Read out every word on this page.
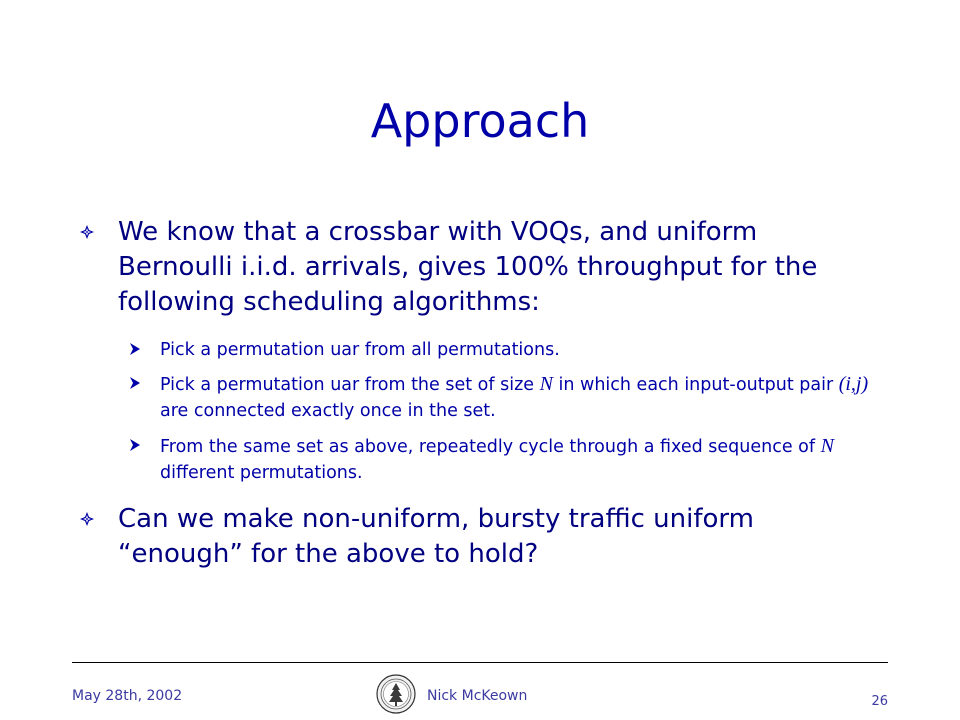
Approach
We know that a crossbar with VOQs, and uniform Bernoulli i.i.d. arrivals, gives 100% throughput for the following scheduling algorithms:
Pick a permutation uar from all permutations.
Pick a permutation uar from the set of size N in which each input-output pair (i,j) are connected exactly once in the set.
From the same set as above, repeatedly cycle through a fixed sequence of N different permutations.
Can we make non-uniform, bursty traffic uniform “enough” for the above to hold?
May 28th, 2002	Nick McKeown	26
